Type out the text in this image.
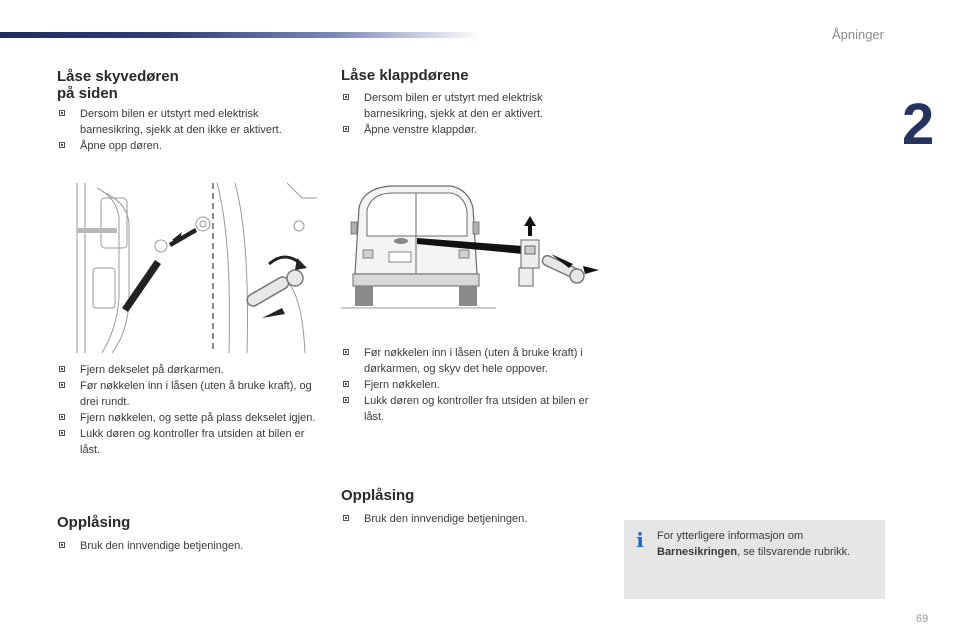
Åpninger
2
Låse skyvedøren
på siden
Dersom bilen er utstyrt med elektrisk barnesikring, sjekk at den ikke er aktivert.
Åpne opp døren.
Fjern dekselet på dørkarmen.
Før nøkkelen inn i låsen (uten å bruke kraft), og drei rundt.
Fjern nøkkelen, og sette på plass dekselet igjen.
Lukk døren og kontroller fra utsiden at bilen er låst.
Opplåsing
Bruk den innvendige betjeningen.
Låse klappdørene
Dersom bilen er utstyrt med elektrisk barnesikring, sjekk at den er aktivert.
Åpne venstre klappdør.
Før nøkkelen inn i låsen (uten å bruke kraft) i dørkarmen, og skyv det hele oppover.
Fjern nøkkelen.
Lukk døren og kontroller fra utsiden at bilen er låst.
Opplåsing
Bruk den innvendige betjeningen.
i For ytterligere informasjon om Barnesikringen, se tilsvarende rubrikk.
69
